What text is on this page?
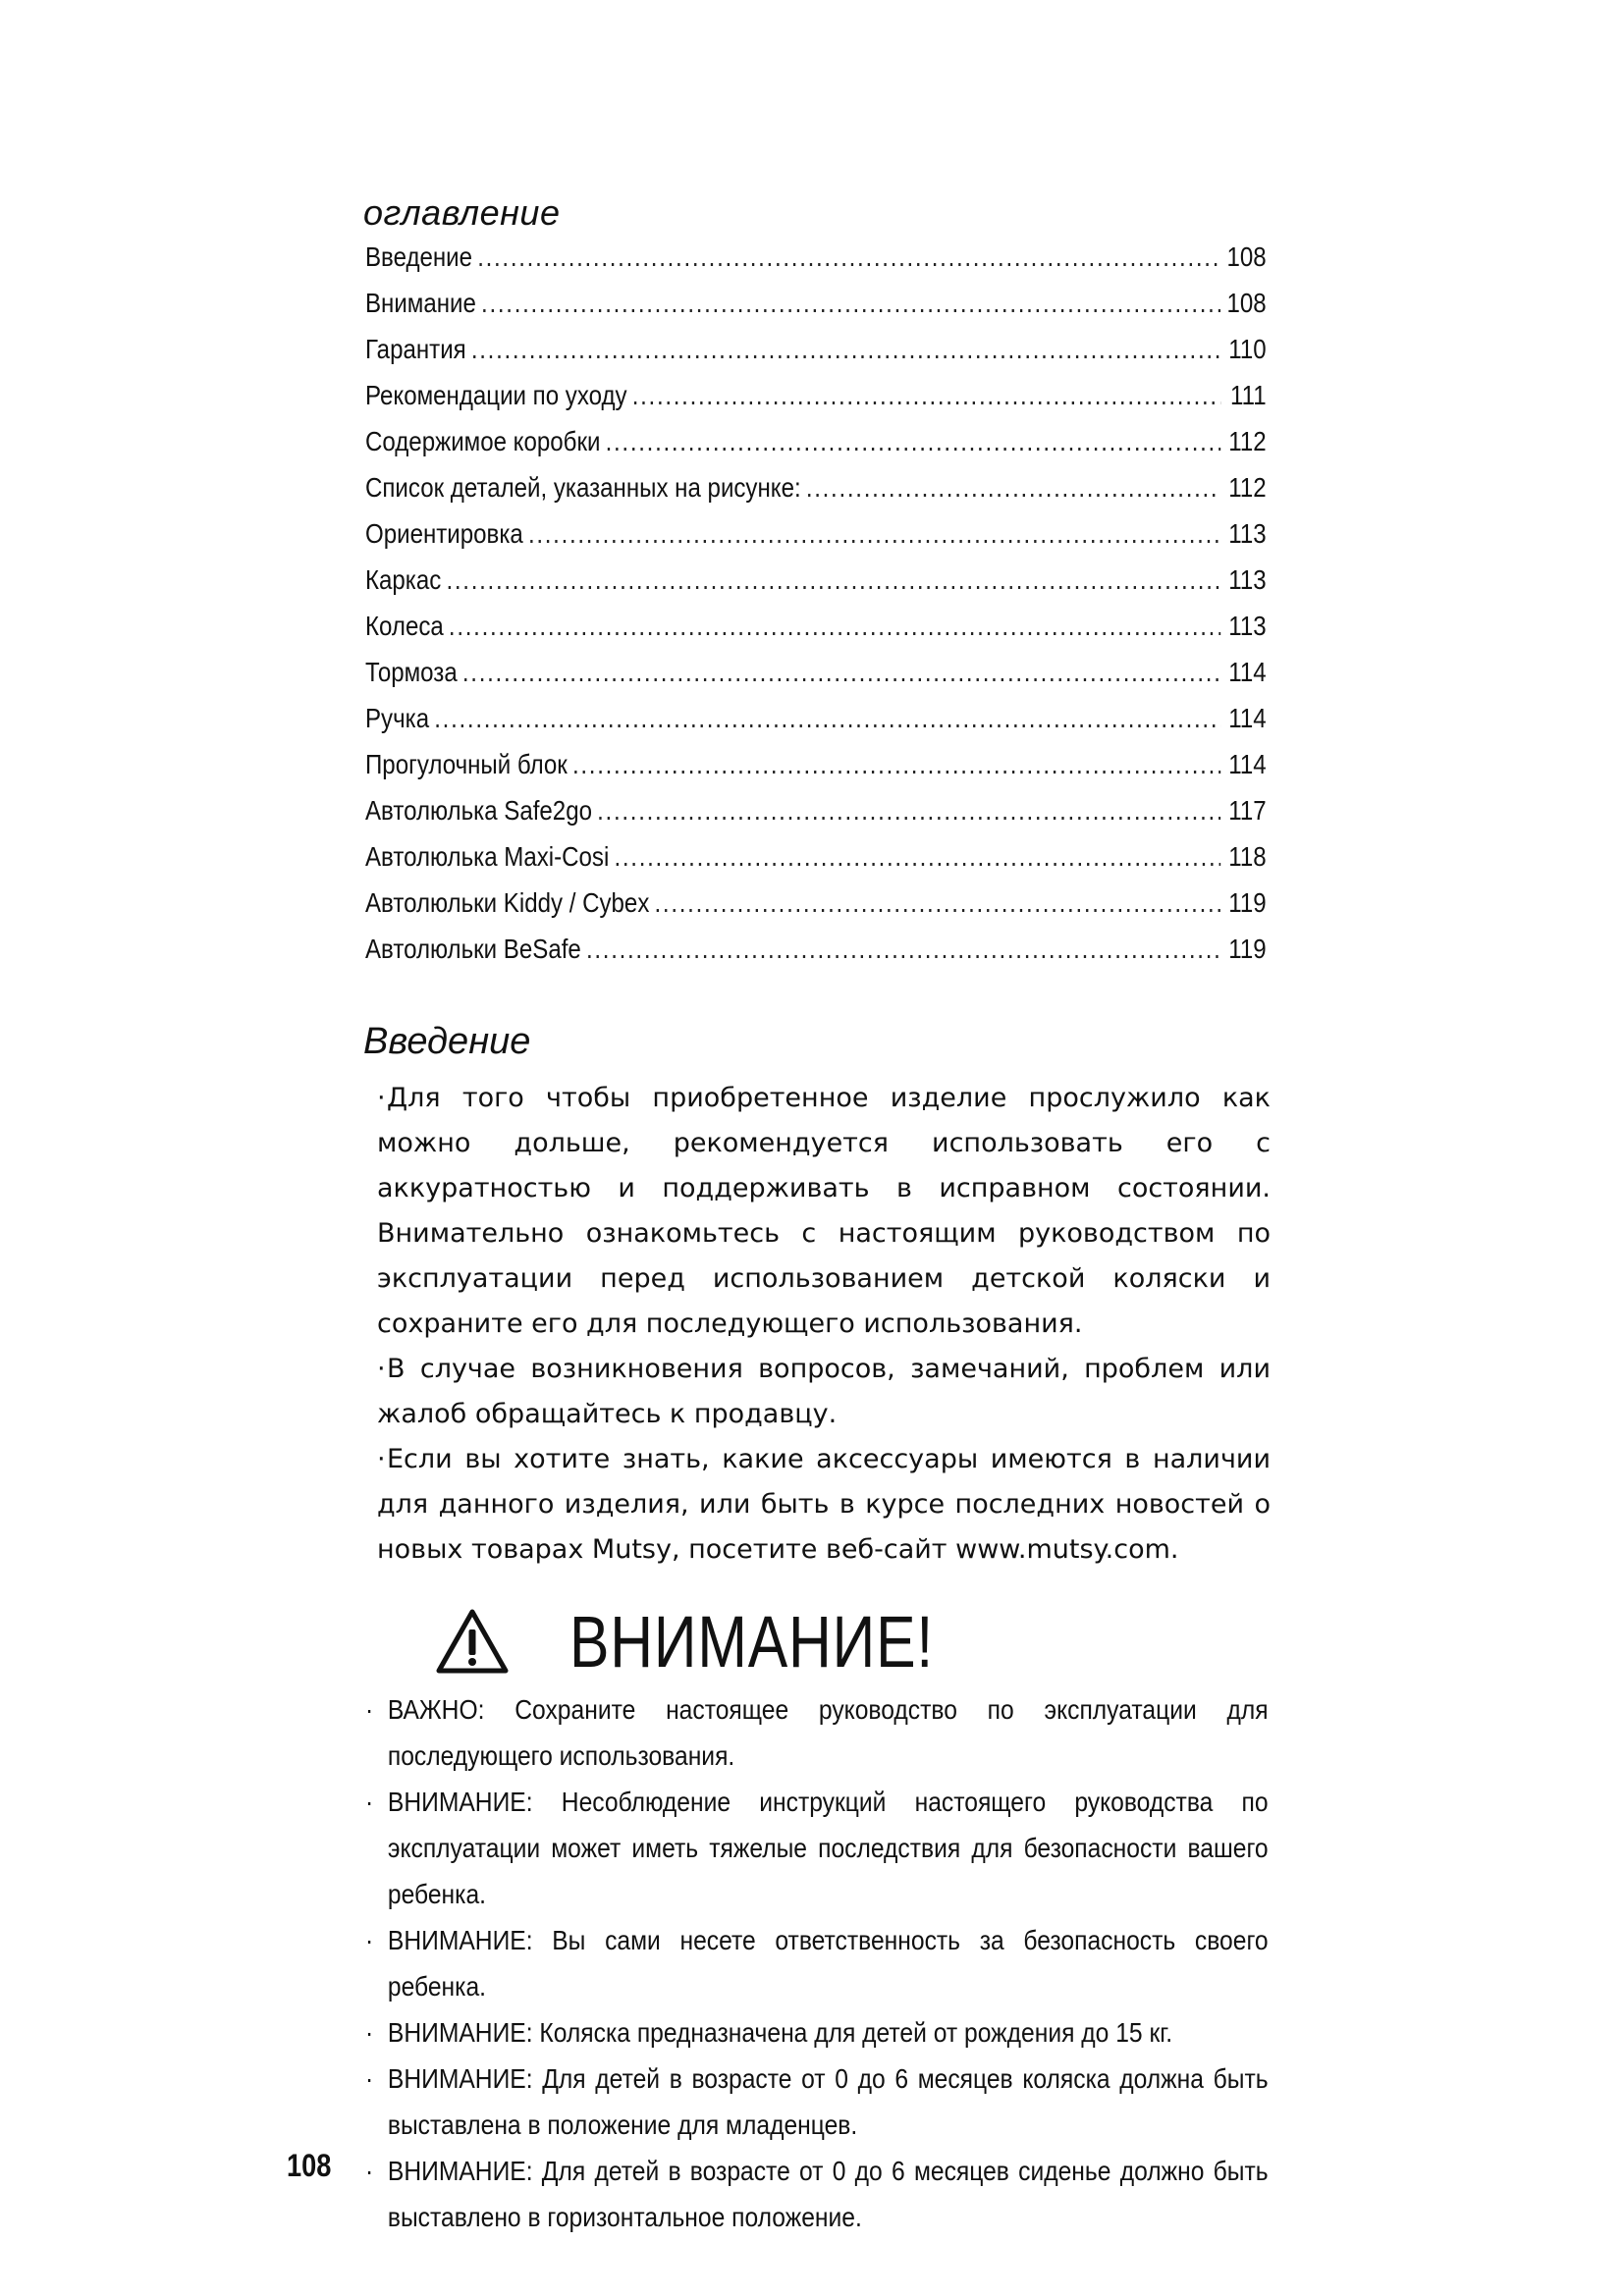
оглавление
Введение .....	108
Внимание .....	108
Гарантия .....	110
Рекомендации по уходу .....	111
Содержимое коробки .....	112
Список деталей, указанных на рисунке: .....	112
Ориентировка .....	113
Каркас .....	113
Колеса .....	113
Тормоза .....	114
Ручка .....	114
Прогулочный блок .....	114
Автолюлька Safe2go .....	117
Автолюлька Maxi-Cosi .....	118
Автолюльки Kiddy / Cybex .....	119
Автолюльки BeSafe .....	119
Введение
·Для того чтобы приобретенное изделие прослужило как можно дольше, рекомендуется использовать его с аккуратностью и поддерживать в исправном состоянии. Внимательно ознакомьтесь с настоящим руководством по эксплуатации перед использованием детской коляски и сохраните его для последующего использования.
·В случае возникновения вопросов, замечаний, проблем или жалоб обращайтесь к продавцу.
·Если вы хотите знать, какие аксессуары имеются в наличии для данного изделия, или быть в курсе последних новостей о новых товарах Mutsy, посетите веб-сайт www.mutsy.com.
ВНИМАНИЕ!
· ВАЖНО: Сохраните настоящее руководство по эксплуатации для последующего использования.
· ВНИМАНИЕ: Несоблюдение инструкций настоящего руководства по эксплуатации может иметь тяжелые последствия для безопасности вашего ребенка.
· ВНИМАНИЕ: Вы сами несете ответственность за безопасность своего ребенка.
· ВНИМАНИЕ: Коляска предназначена для детей от рождения до 15 кг.
· ВНИМАНИЕ: Для детей в возрасте от 0 до 6 месяцев коляска должна быть выставлена в положение для младенцев.
· ВНИМАНИЕ: Для детей в возрасте от 0 до 6 месяцев сиденье должно быть выставлено в горизонтальное положение.
108
